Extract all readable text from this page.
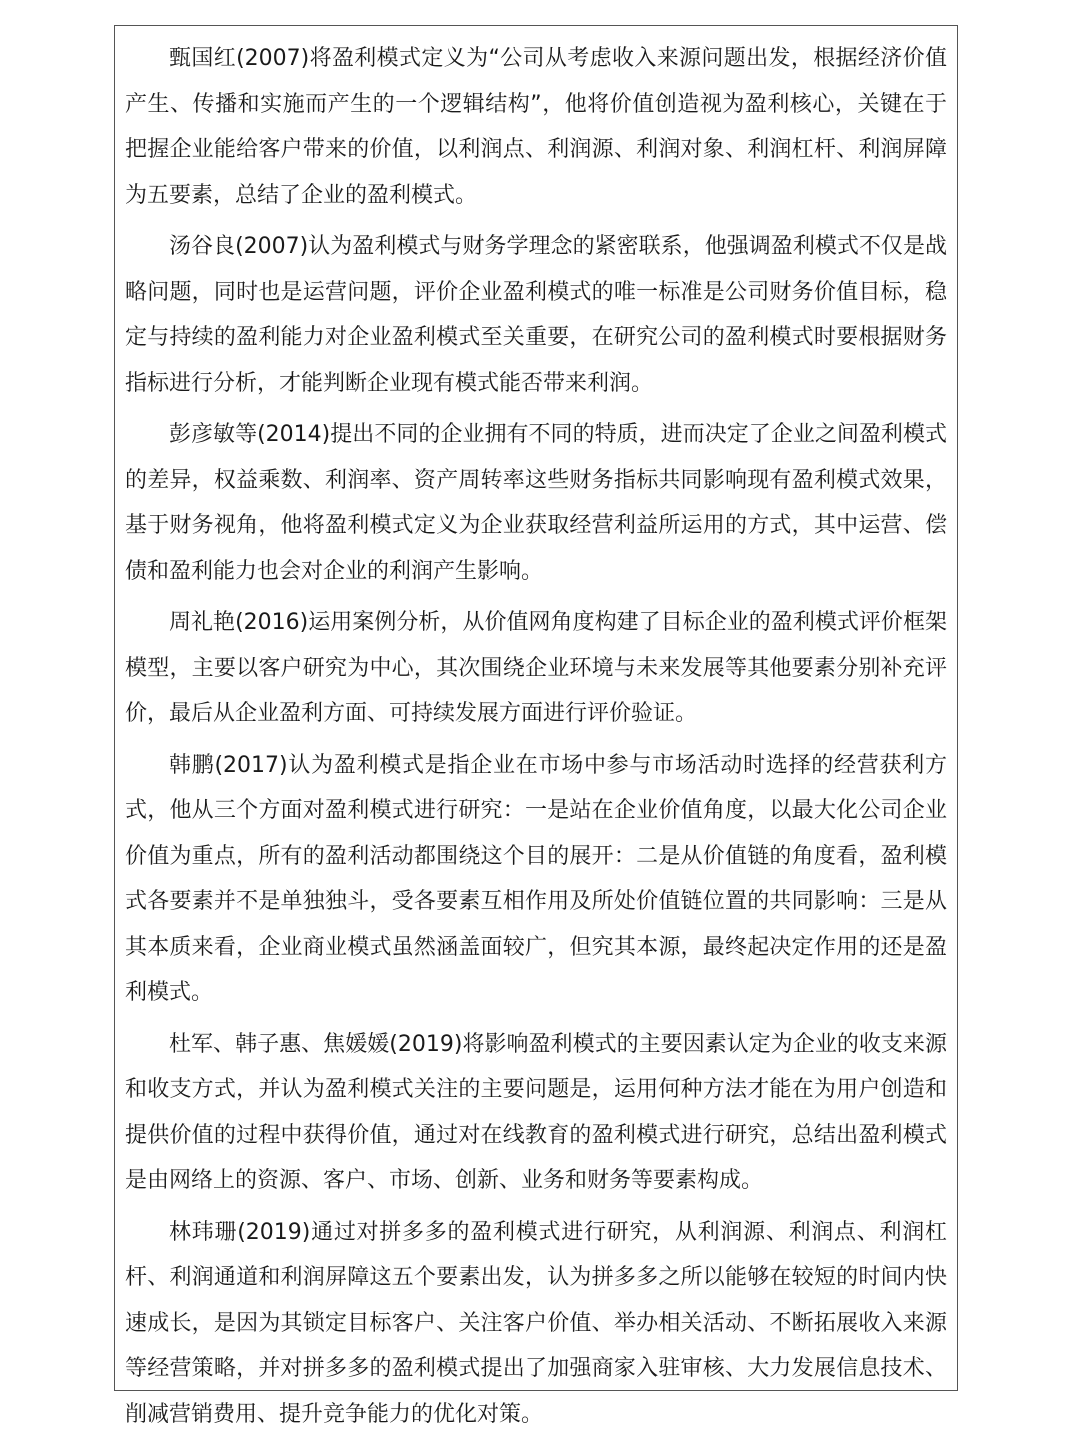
甄国红(2007)将盈利模式定义为“公司从考虑收入来源问题出发，根据经济价值产生、传播和实施而产生的一个逻辑结构”，他将价值创造视为盈利核心，关键在于把握企业能给客户带来的价值，以利润点、利润源、利润对象、利润杠杆、利润屏障为五要素，总结了企业的盈利模式。

汤谷良(2007)认为盈利模式与财务学理念的紧密联系，他强调盈利模式不仅是战略问题，同时也是运营问题，评价企业盈利模式的唯一标准是公司财务价值目标，稳定与持续的盈利能力对企业盈利模式至关重要，在研究公司的盈利模式时要根据财务指标进行分析，才能判断企业现有模式能否带来利润。

彭彦敏等(2014)提出不同的企业拥有不同的特质，进而决定了企业之间盈利模式的差异，权益乘数、利润率、资产周转率这些财务指标共同影响现有盈利模式效果，基于财务视角，他将盈利模式定义为企业获取经营利益所运用的方式，其中运营、偿债和盈利能力也会对企业的利润产生影响。

周礼艳(2016)运用案例分析，从价值网角度构建了目标企业的盈利模式评价框架模型，主要以客户研究为中心，其次围绕企业环境与未来发展等其他要素分别补充评价，最后从企业盈利方面、可持续发展方面进行评价验证。

韩鹏(2017)认为盈利模式是指企业在市场中参与市场活动时选择的经营获利方式，他从三个方面对盈利模式进行研究：一是站在企业价值角度，以最大化公司企业价值为重点，所有的盈利活动都围绕这个目的展开：二是从价值链的角度看，盈利模式各要素并不是单独独斗，受各要素互相作用及所处价值链位置的共同影响：三是从其本质来看，企业商业模式虽然涵盖面较广，但究其本源，最终起决定作用的还是盈利模式。

杜军、韩子惠、焦媛媛(2019)将影响盈利模式的主要因素认定为企业的收支来源和收支方式，并认为盈利模式关注的主要问题是，运用何种方法才能在为用户创造和提供价值的过程中获得价值，通过对在线教育的盈利模式进行研究，总结出盈利模式是由网络上的资源、客户、市场、创新、业务和财务等要素构成。

林玮珊(2019)通过对拼多多的盈利模式进行研究，从利润源、利润点、利润杠杆、利润通道和利润屏障这五个要素出发，认为拼多多之所以能够在较短的时间内快速成长，是因为其锁定目标客户、关注客户价值、举办相关活动、不断拓展收入来源等经营策略，并对拼多多的盈利模式提出了加强商家入驻审核、大力发展信息技术、削减营销费用、提升竞争能力的优化对策。
